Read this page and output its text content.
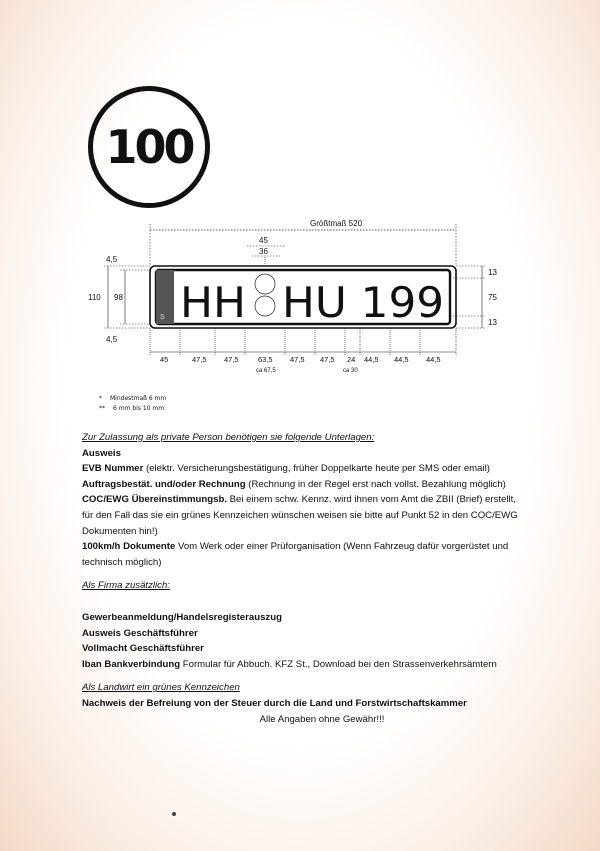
100
Größtmaß 520
45
36
4,5
110 98
4,5
S HH HU 199
13
75
13
45	47,5 47,5	63,5 47,5 47,5 24 44,5 44,5 44,5
ca 67,5	ca 30
* Mindestmaß 6 mm
** 6 mm bis 10 mm

Zur Zulassung als private Person benötigen sie folgende Unterlagen:

Ausweis

EVB Nummer (elektr. Versicherungsbestätigung, früher Doppelkarte heute per SMS oder email)

Auftragsbestät. und/oder Rechnung (Rechnung in der Regel erst nach vollst. Bezahlung möglich)

COC/EWG Übereinstimmungsb. Bei einem schw. Kennz. wird ihnen vom Amt die ZBII (Brief) erstellt,

für den Fall das sie ein grünes Kennzeichen wünschen weisen sie bitte auf Punkt 52 in den COC/EWG

Dokumenten hin!)

100km/h Dokumente Vom Werk oder einer Prüforganisation (Wenn Fahrzeug dafür vorgerüstet und

technisch möglich)

Als Firma zusätzlich:

Gewerbeanmeldung/Handelsregisterauszug

Ausweis Geschäftsführer

Vollmacht Geschäftsführer

Iban Bankverbindung Formular für Abbuch. KFZ St., Download bei den Strassenverkehrsämtern

Als Landwirt ein grünes Kennzeichen

Nachweis der Befreiung von der Steuer durch die Land und Forstwirtschaftskammer

Alle Angaben ohne Gewähr!!!
